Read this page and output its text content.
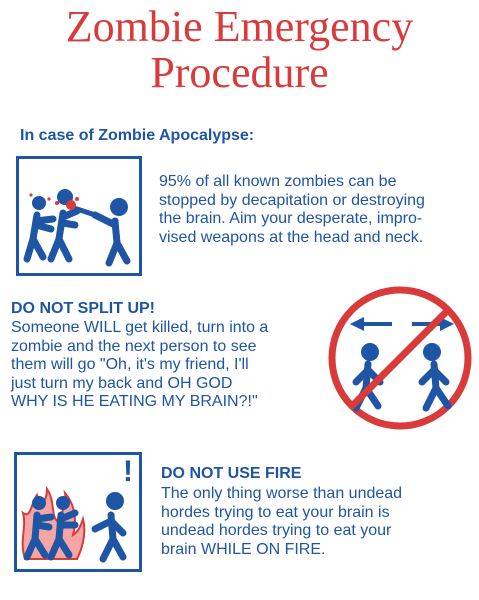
Zombie Emergency
Procedure
In case of Zombie Apocalypse:
95% of all known zombies can be
stopped by decapitation or destroying
the brain. Aim your desperate, impro-
vised weapons at the head and neck.
DO NOT SPLIT UP!
Someone WILL get killed, turn into a
zombie and the next person to see
them will go "Oh, it's my friend, I'll
just turn my back and OH GOD
WHY IS HE EATING MY BRAIN?!"
! DO NOT USE FIRE
The only thing worse than undead
hordes trying to eat your brain is
undead hordes trying to eat your
brain WHILE ON FIRE.
